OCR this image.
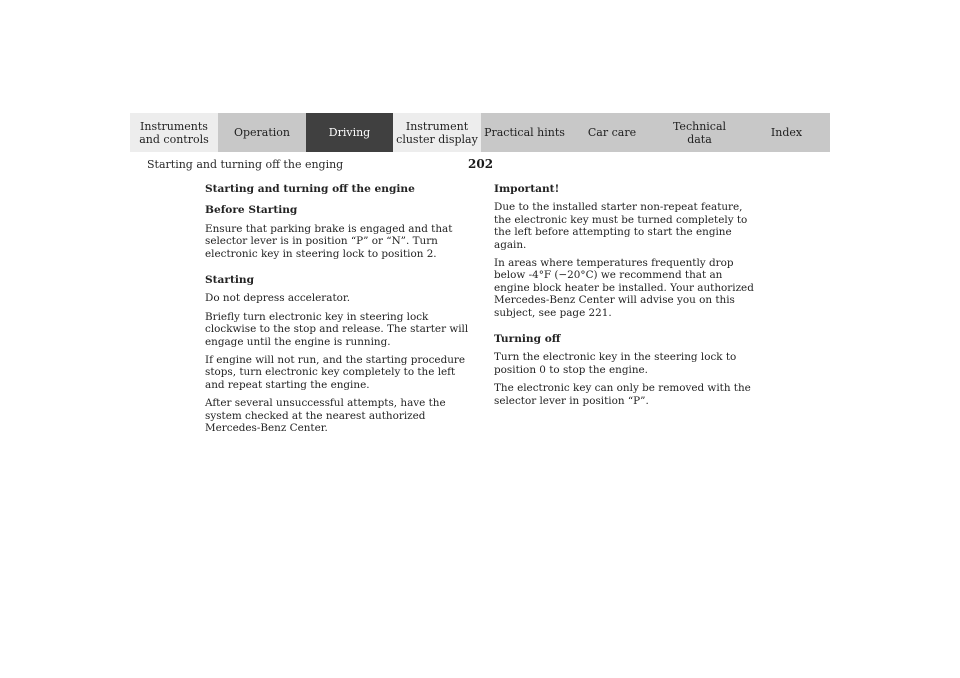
Instruments
and controls	Operation	Driving	Instrument
cluster display Practical hints	Car care	Technical
data	Index
Starting and turning off the enging	202

Starting and turning off the engine

Before Starting

Ensure that parking brake is engaged and that selector lever is in position “P” or “N”. Turn electronic key in steering lock to position 2.

Starting

Do not depress accelerator.

Briefly turn electronic key in steering lock clockwise to the stop and release. The starter will engage until the engine is running.

If engine will not run, and the starting procedure stops, turn electronic key completely to the left and repeat starting the engine.

After several unsuccessful attempts, have the system checked at the nearest authorized Mercedes-Benz Center.

Important!

Due to the installed starter non-repeat feature, the electronic key must be turned completely to the left before attempting to start the engine again.

In areas where temperatures frequently drop below -4°F (−20°C) we recommend that an engine block heater be installed. Your authorized Mercedes-Benz Center will advise you on this subject, see page 221.

Turning off

Turn the electronic key in the steering lock to position 0 to stop the engine.

The electronic key can only be removed with the selector lever in position “P”.
